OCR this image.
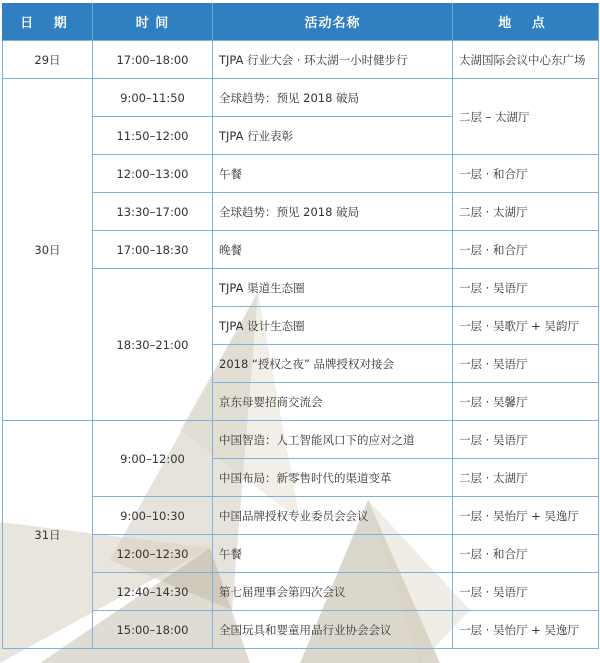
日 期	时 间	活动名称	地 点
29日	17:00–18:00	TJPA 行业大会 · 环太湖一小时健步行	太湖国际会议中心东广场
30日	9:00–11:50	全球趋势：预见 2018 破局	二层 – 太湖厅
	11:50–12:00	TJPA 行业表彰	
	12:00–13:00	午餐	一层 · 和合厅
	13:30–17:00	全球趋势：预见 2018 破局	二层 · 太湖厅
	17:00–18:30	晚餐	一层 · 和合厅
	18:30–21:00	TJPA 渠道生态圈	一层 · 吴语厅
		TJPA 设计生态圈	一层 · 吴歌厅 + 吴韵厅
		2018 “授权之夜” 品牌授权对接会	一层 · 吴语厅
		京东母婴招商交流会	一层 · 吴馨厅
31日	9:00–12:00	中国智造：人工智能风口下的应对之道	一层 · 吴语厅
		中国布局：新零售时代的渠道变革	二层 · 太湖厅
	9:00–10:30	中国品牌授权专业委员会会议	一层 · 吴怡厅 + 吴逸厅
	12:00–12:30	午餐	一层 · 和合厅
	12:40–14:30	第七届理事会第四次会议	一层 · 吴语厅
	15:00–18:00	全国玩具和婴童用品行业协会会议	一层 · 吴怡厅 + 吴逸厅
